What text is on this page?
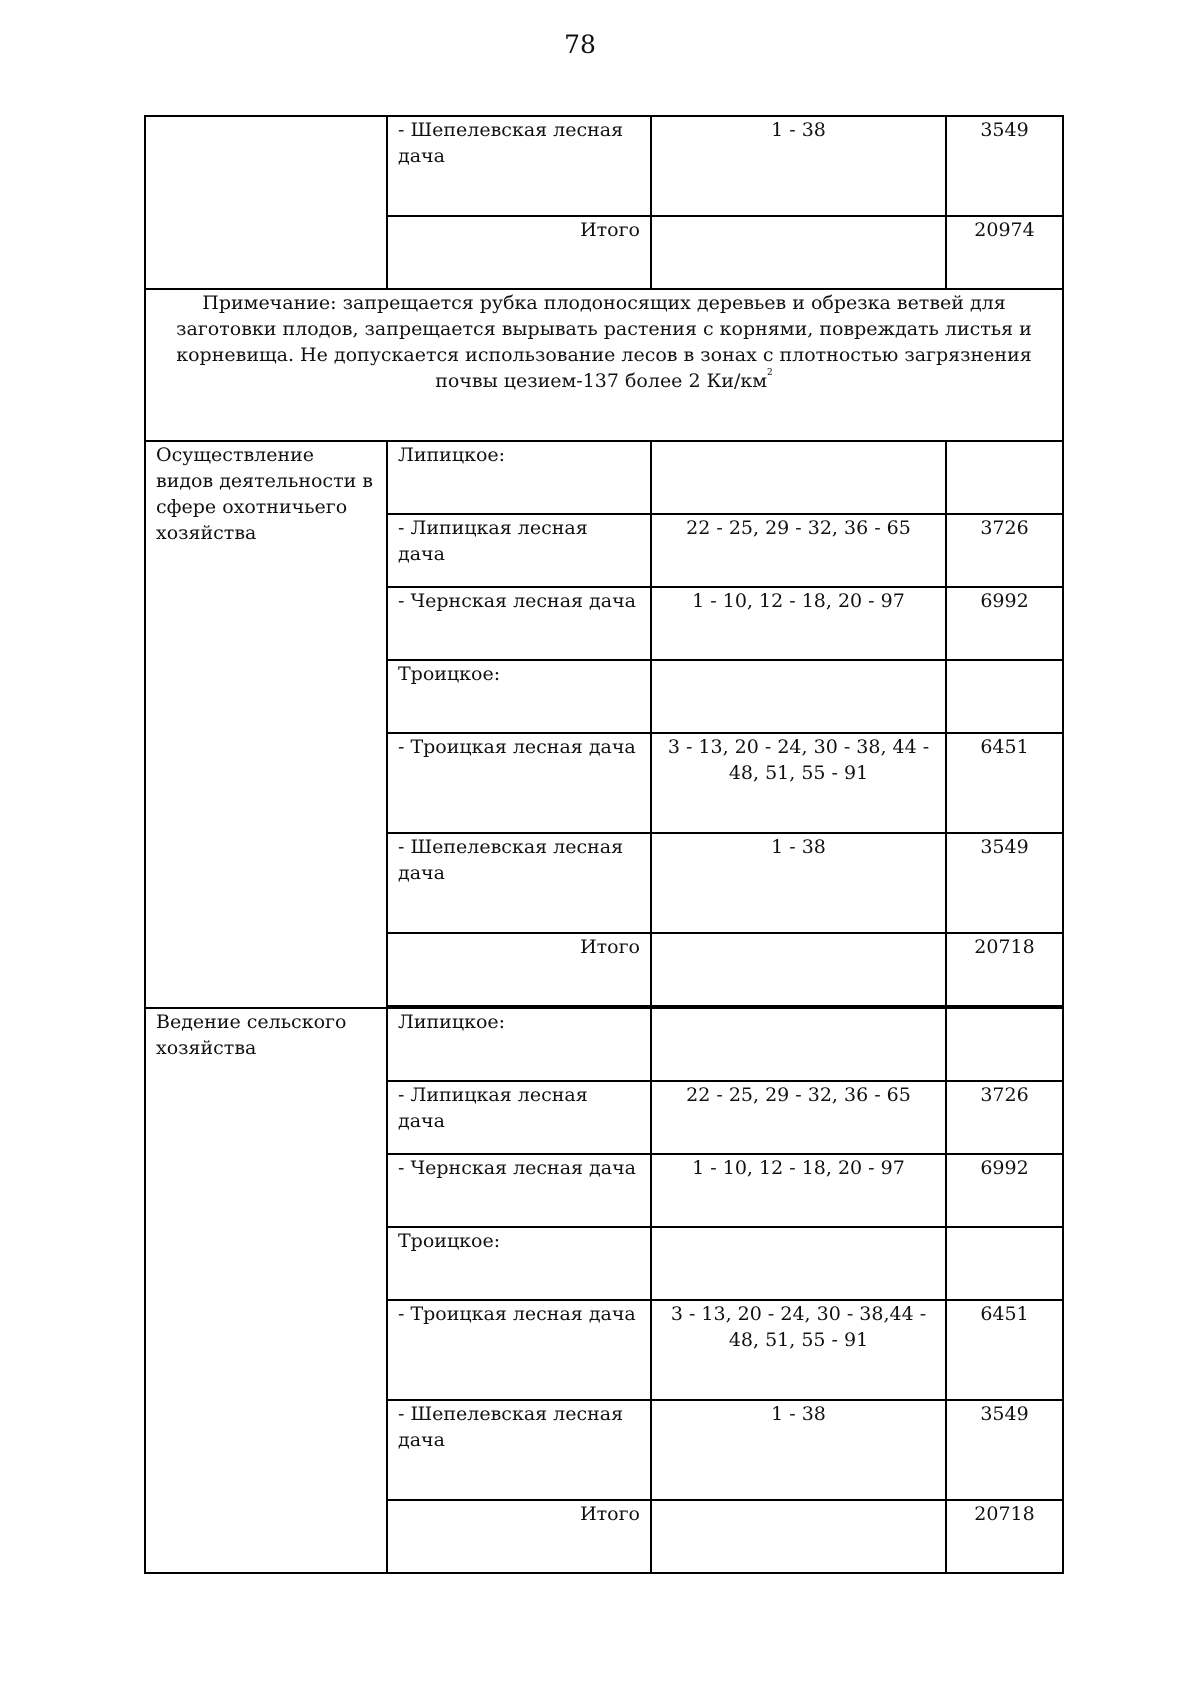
78
	- Шепелевская лесная дача	1 - 38	3549
	Итого		20974
Примечание: запрещается рубка плодоносящих деревьев и обрезка ветвей для заготовки плодов, запрещается вырывать растения с корнями, повреждать листья и корневища. Не допускается использование лесов в зонах с плотностью загрязнения почвы цезием-137 более 2 $Ки/км^2$
Осуществление видов деятельности в сфере охотничьего хозяйства	Липицкое:		
	- Липицкая лесная дача	22 - 25, 29 - 32, 36 - 65	3726
	- Чернская лесная дача	1 - 10, 12 - 18, 20 - 97	6992
	Троицкое:		
	- Троицкая лесная дача	3 - 13, 20 - 24, 30 - 38, 44 - 48, 51, 55 - 91	6451
	- Шепелевская лесная дача	1 - 38	3549
	Итого		20718

Ведение сельского хозяйства	Липицкое:		
	- Липицкая лесная дача	22 - 25, 29 - 32, 36 - 65	3726
	- Чернская лесная дача	1 - 10, 12 - 18, 20 - 97	6992
	Троицкое:		
	- Троицкая лесная дача	3 - 13, 20 - 24, 30 - 38,44 - 48, 51, 55 - 91	6451
	- Шепелевская лесная дача	1 - 38	3549
	Итого		20718
